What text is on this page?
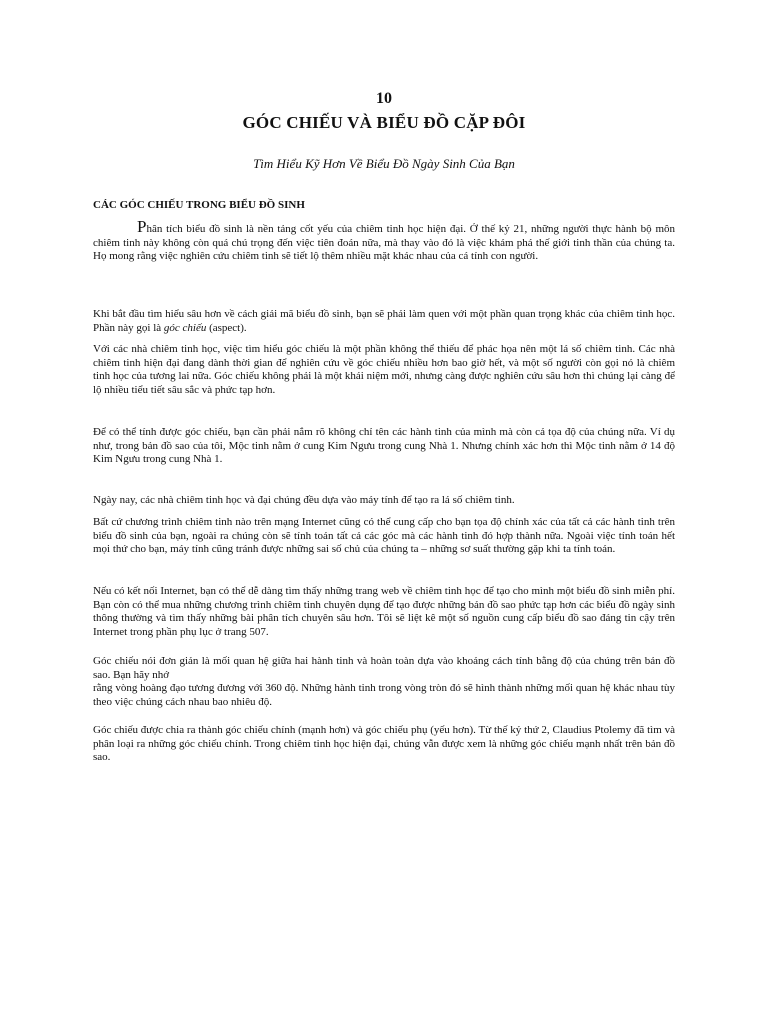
10
GÓC CHIẾU VÀ BIỂU ĐỒ CẶP ĐÔI
Tìm Hiểu Kỹ Hơn Về Biểu Đồ Ngày Sinh Của Bạn
CÁC GÓC CHIẾU TRONG BIỂU ĐỒ SINH

Phân tích biểu đồ sinh là nền tảng cốt yếu của chiêm tinh học hiện đại. Ở thế kỷ 21, những người thực hành bộ môn chiêm tinh này không còn quá chú trọng đến việc tiên đoán nữa, mà thay vào đó là việc khám phá thế giới tinh thần của chúng ta. Họ mong rằng việc nghiên cứu chiêm tinh sẽ tiết lộ thêm nhiều mặt khác nhau của cá tính con người.

Khi bắt đầu tìm hiểu sâu hơn về cách giải mã biểu đồ sinh, bạn sẽ phải làm quen với một phần quan trọng khác của chiêm tinh học. Phần này gọi là góc chiếu (aspect).

Với các nhà chiêm tinh học, việc tìm hiểu góc chiếu là một phần không thể thiếu để phác họa nên một lá số chiêm tinh. Các nhà chiêm tinh hiện đại đang dành thời gian để nghiên cứu về góc chiếu nhiều hơn bao giờ hết, và một số người còn gọi nó là chiêm tinh học của tương lai nữa. Góc chiếu không phải là một khái niệm mới, nhưng càng được nghiên cứu sâu hơn thì chúng lại càng để lộ nhiều tiểu tiết sâu sắc và phức tạp hơn.

Để có thể tính được góc chiếu, bạn cần phải nắm rõ không chỉ tên các hành tinh của mình mà còn cả tọa độ của chúng nữa. Ví dụ như, trong bản đồ sao của tôi, Mộc tinh nằm ở cung Kim Ngưu trong cung Nhà 1. Nhưng chính xác hơn thì Mộc tinh nằm ở 14 độ Kim Ngưu trong cung Nhà 1.

Ngày nay, các nhà chiêm tinh học và đại chúng đều dựa vào máy tính để tạo ra lá số chiêm tinh.

Bất cứ chương trình chiêm tinh nào trên mạng Internet cũng có thể cung cấp cho bạn tọa độ chính xác của tất cả các hành tinh trên biểu đồ sinh của bạn, ngoài ra chúng còn sẽ tính toán tất cả các góc mà các hành tinh đó hợp thành nữa. Ngoài việc tính toán hết mọi thứ cho bạn, máy tính cũng tránh được những sai số chủ của chúng ta – những sơ suất thường gặp khi ta tính toán.

Nếu có kết nối Internet, bạn có thể dễ dàng tìm thấy những trang web về chiêm tinh học để tạo cho mình một biểu đồ sinh miễn phí. Bạn còn có thể mua những chương trình chiêm tinh chuyên dụng để tạo được những bản đồ sao phức tạp hơn các biểu đồ ngày sinh thông thường và tìm thấy những bài phân tích chuyên sâu hơn. Tôi sẽ liệt kê một số nguồn cung cấp biểu đồ sao đáng tin cậy trên Internet trong phần phụ lục ở trang 507.

Góc chiếu nói đơn giản là mối quan hệ giữa hai hành tinh và hoàn toàn dựa vào khoảng cách tính bằng độ của chúng trên bản đồ sao. Bạn hãy nhớ
rằng vòng hoàng đạo tương đương với 360 độ. Những hành tinh trong vòng tròn đó sẽ hình thành những mối quan hệ khác nhau tùy theo việc chúng cách nhau bao nhiêu độ.

Góc chiếu được chia ra thành góc chiếu chính (mạnh hơn) và góc chiếu phụ (yếu hơn). Từ thế kỷ thứ 2, Claudius Ptolemy đã tìm và phân loại ra những góc chiếu chính. Trong chiêm tinh học hiện đại, chúng vẫn được xem là những góc chiếu mạnh nhất trên bản đồ sao.
